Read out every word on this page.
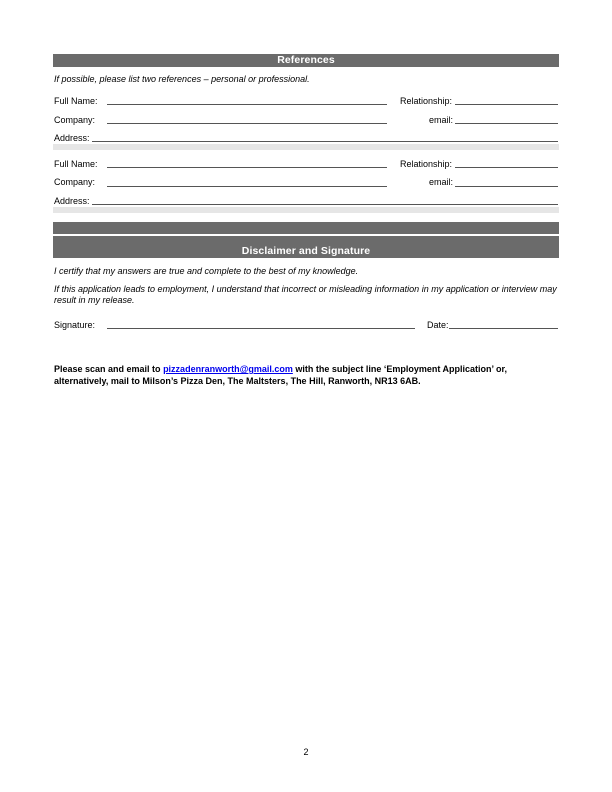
References
If possible, please list two references – personal or professional.
Full Name:	Relationship:
Company:	email:
Address:
Full Name:	Relationship:
Company:	email:
Address:
Disclaimer and Signature
I certify that my answers are true and complete to the best of my knowledge.
If this application leads to employment, I understand that incorrect or misleading information in my application or interview may result in my release.
Signature:	Date:
Please scan and email to pizzadenranworth@gmail.com with the subject line ‘Employment Application’ or, alternatively, mail to Milson’s Pizza Den, The Maltsters, The Hill, Ranworth, NR13 6AB.
2
